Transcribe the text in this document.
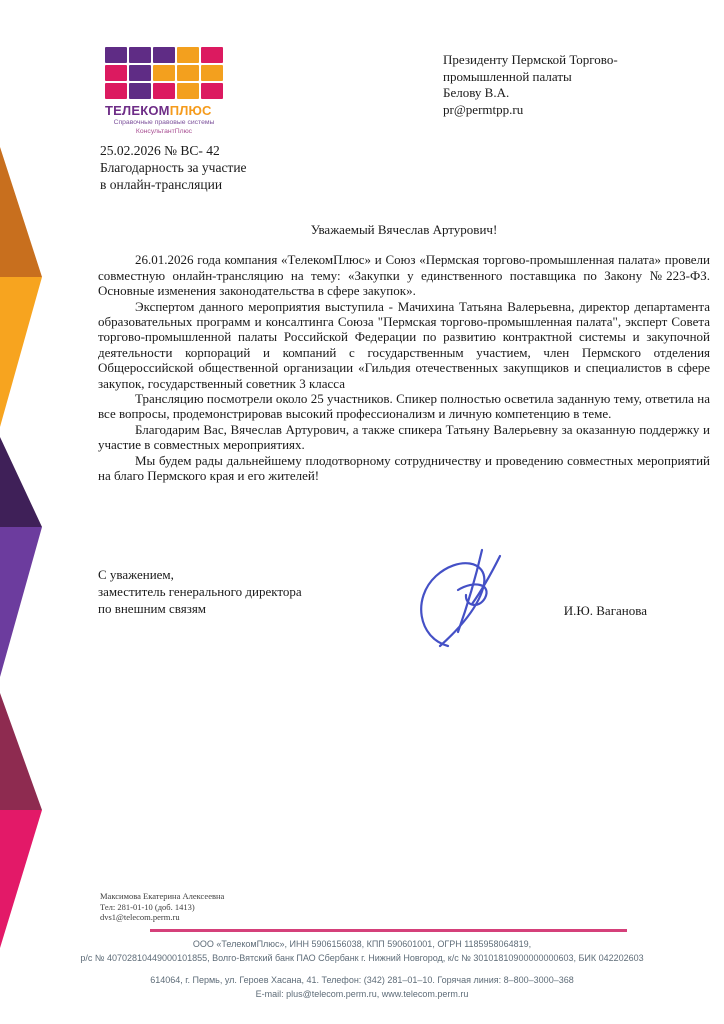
ТЕЛЕКОМПЛЮС
Справочные правовые системы
КонсультантПлюс
Президенту Пермской Торгово-
промышленной палаты
Белову В.А.
pr@permtpp.ru
25.02.2026 № ВС- 42
Благодарность за участие
в онлайн-трансляции

Уважаемый Вячеслав Артурович!

26.01.2026 года компания «ТелекомПлюс» и Союз «Пермская торгово-промышленная палата» провели совместную онлайн-трансляцию на тему: «Закупки у единственного поставщика по Закону №223-ФЗ. Основные изменения законодательства в сфере закупок».

Экспертом данного мероприятия выступила - Мачихина Татьяна Валерьевна, директор департамента образовательных программ и консалтинга Союза "Пермская торгово-промышленная палата", эксперт Совета торгово-промышленной палаты Российской Федерации по развитию контрактной системы и закупочной деятельности корпораций и компаний с государственным участием, член Пермского отделения Общероссийской общественной организации «Гильдия отечественных закупщиков и специалистов в сфере закупок, государственный советник 3 класса

Трансляцию посмотрели около 25 участников. Спикер полностью осветила заданную тему, ответила на все вопросы, продемонстрировав высокий профессионализм и личную компетенцию в теме.

Благодарим Вас, Вячеслав Артурович, а также спикера Татьяну Валерьевну за оказанную поддержку и участие в совместных мероприятиях.

Мы будем рады дальнейшему плодотворному сотрудничеству и проведению совместных мероприятий на благо Пермского края и его жителей!

С уважением,
заместитель генерального директора
по внешним связям	И.Ю. Ваганова
Максимова Екатерина Алексеевна
Тел: 281-01-10 (доб. 1413)
dvs1@telecom.perm.ru
ООО «ТелекомПлюс», ИНН 5906156038, КПП 590601001, ОГРН 1185958064819,
р/с № 40702810449000101855, Волго-Вятский банк ПАО Сбербанк г. Нижний Новгород, к/с № 30101810900000000603, БИК 042202603
614064, г. Пермь, ул. Героев Хасана, 41. Телефон: (342) 281–01–10. Горячая линия: 8–800–3000–368
E-mail: plus@telecom.perm.ru, www.telecom.perm.ru
